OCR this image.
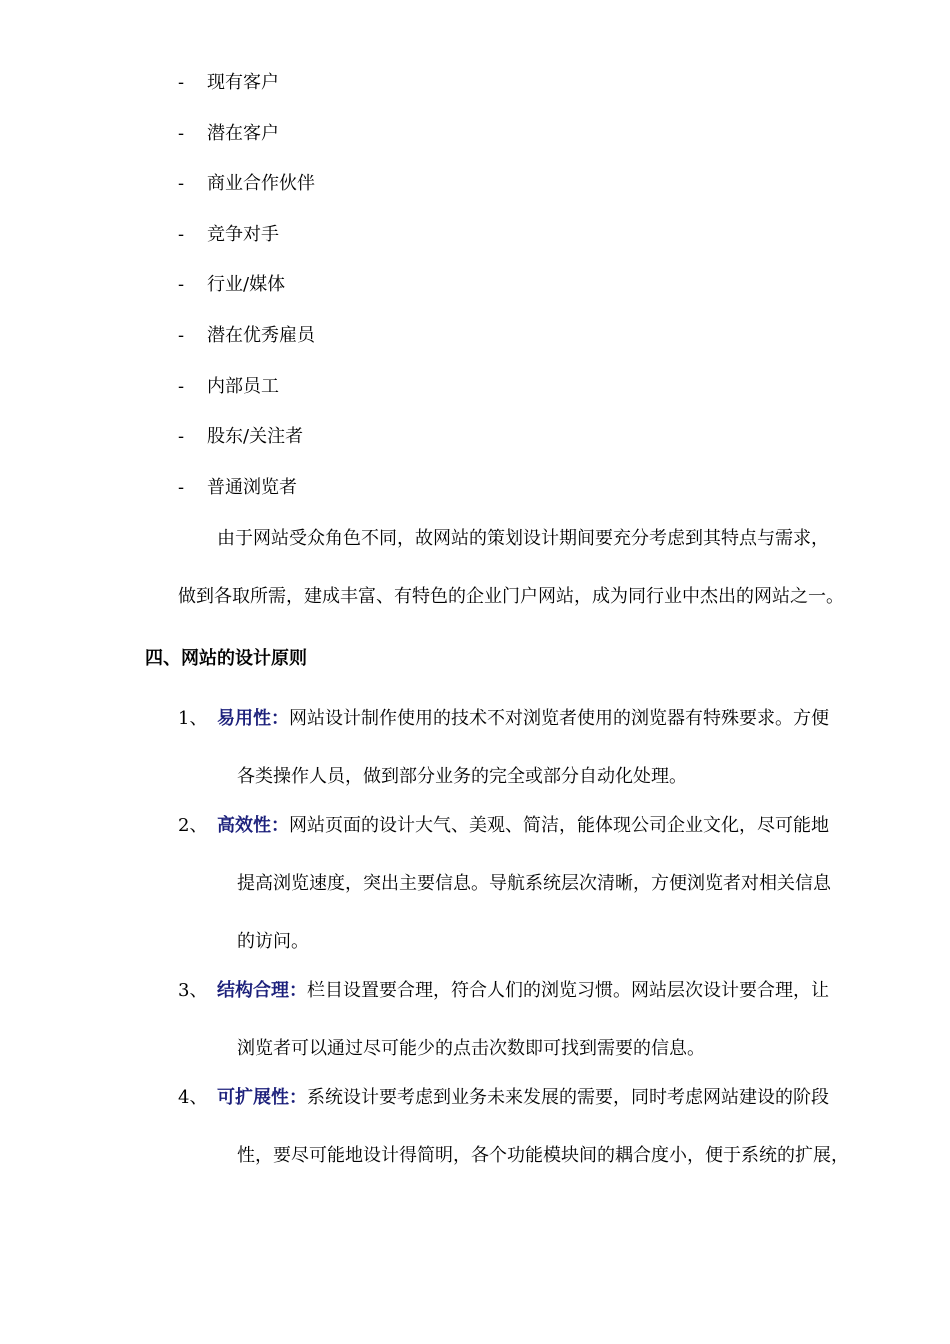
- 现有客户
- 潜在客户
- 商业合作伙伴
- 竞争对手
- 行业/媒体
- 潜在优秀雇员
- 内部员工
- 股东/关注者
- 普通浏览者
由于网站受众角色不同，故网站的策划设计期间要充分考虑到其特点与需求，
做到各取所需，建成丰富、有特色的企业门户网站，成为同行业中杰出的网站之一。
四、网站的设计原则
1、 易用性：网站设计制作使用的技术不对浏览者使用的浏览器有特殊要求。方便
各类操作人员，做到部分业务的完全或部分自动化处理。
2、 高效性：网站页面的设计大气、美观、简洁，能体现公司企业文化，尽可能地
提高浏览速度，突出主要信息。导航系统层次清晰，方便浏览者对相关信息
的访问。
3、 结构合理：栏目设置要合理，符合人们的浏览习惯。网站层次设计要合理，让
浏览者可以通过尽可能少的点击次数即可找到需要的信息。
4、 可扩展性：系统设计要考虑到业务未来发展的需要，同时考虑网站建设的阶段
性，要尽可能地设计得简明，各个功能模块间的耦合度小，便于系统的扩展，
